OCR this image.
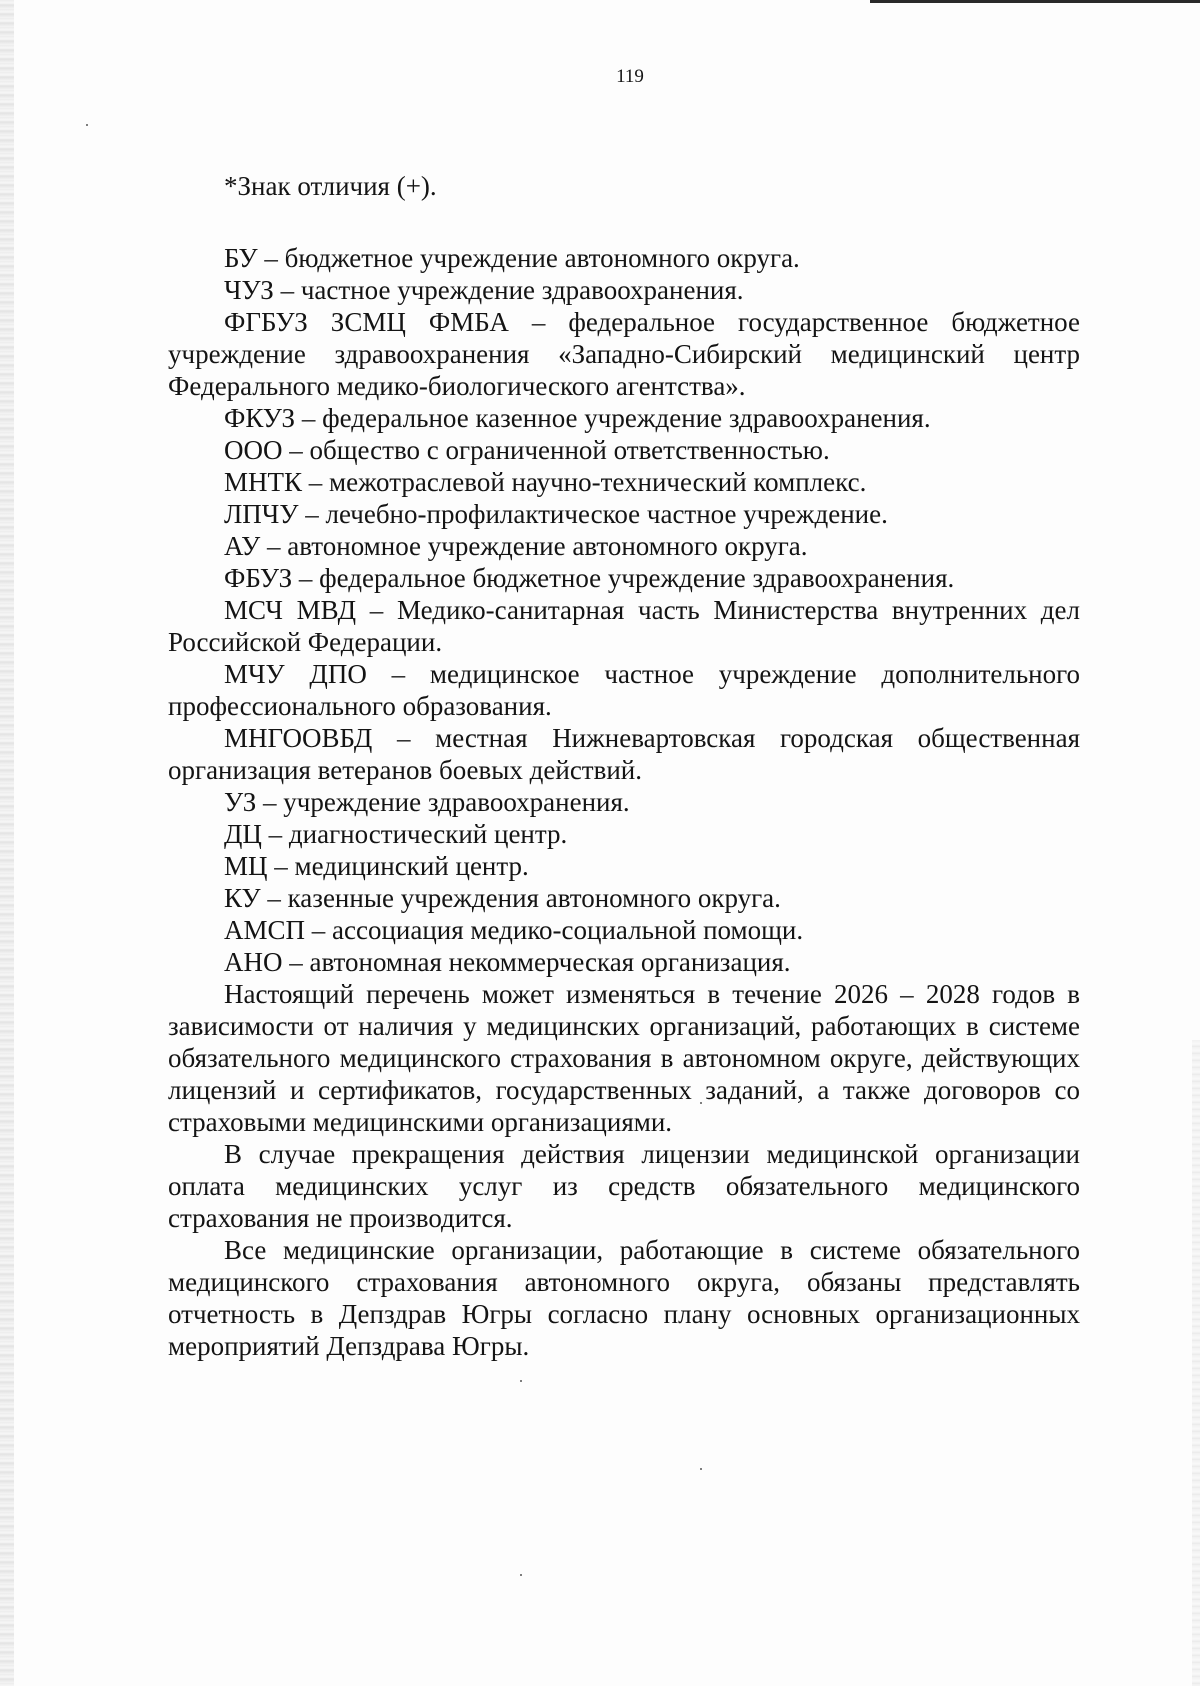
119

*Знак отличия (+).

БУ – бюджетное учреждение автономного округа.

ЧУЗ – частное учреждение здравоохранения.

ФГБУЗ ЗСМЦ ФМБА – федеральное государственное бюджетное учреждение здравоохранения «Западно-Сибирский медицинский центр Федерального медико-биологического агентства».

ФКУЗ – федеральное казенное учреждение здравоохранения.

ООО – общество с ограниченной ответственностью.

МНТК – межотраслевой научно-технический комплекс.

ЛПЧУ – лечебно-профилактическое частное учреждение.

АУ – автономное учреждение автономного округа.

ФБУЗ – федеральное бюджетное учреждение здравоохранения.

МСЧ МВД – Медико-санитарная часть Министерства внутренних дел Российской Федерации.

МЧУ ДПО – медицинское частное учреждение дополнительного профессионального образования.

МНГООВБД – местная Нижневартовская городская общественная организация ветеранов боевых действий.

УЗ – учреждение здравоохранения.

ДЦ – диагностический центр.

МЦ – медицинский центр.

КУ – казенные учреждения автономного округа.

АМСП – ассоциация медико-социальной помощи.

АНО – автономная некоммерческая организация.

Настоящий перечень может изменяться в течение 2026 – 2028 годов в зависимости от наличия у медицинских организаций, работающих в системе обязательного медицинского страхования в автономном округе, действующих лицензий и сертификатов, государственных заданий, а также договоров со страховыми медицинскими организациями.

В случае прекращения действия лицензии медицинской организации оплата медицинских услуг из средств обязательного медицинского страхования не производится.

Все медицинские организации, работающие в системе обязательного медицинского страхования автономного округа, обязаны представлять отчетность в Депздрав Югры согласно плану основных организационных мероприятий Депздрава Югры.
